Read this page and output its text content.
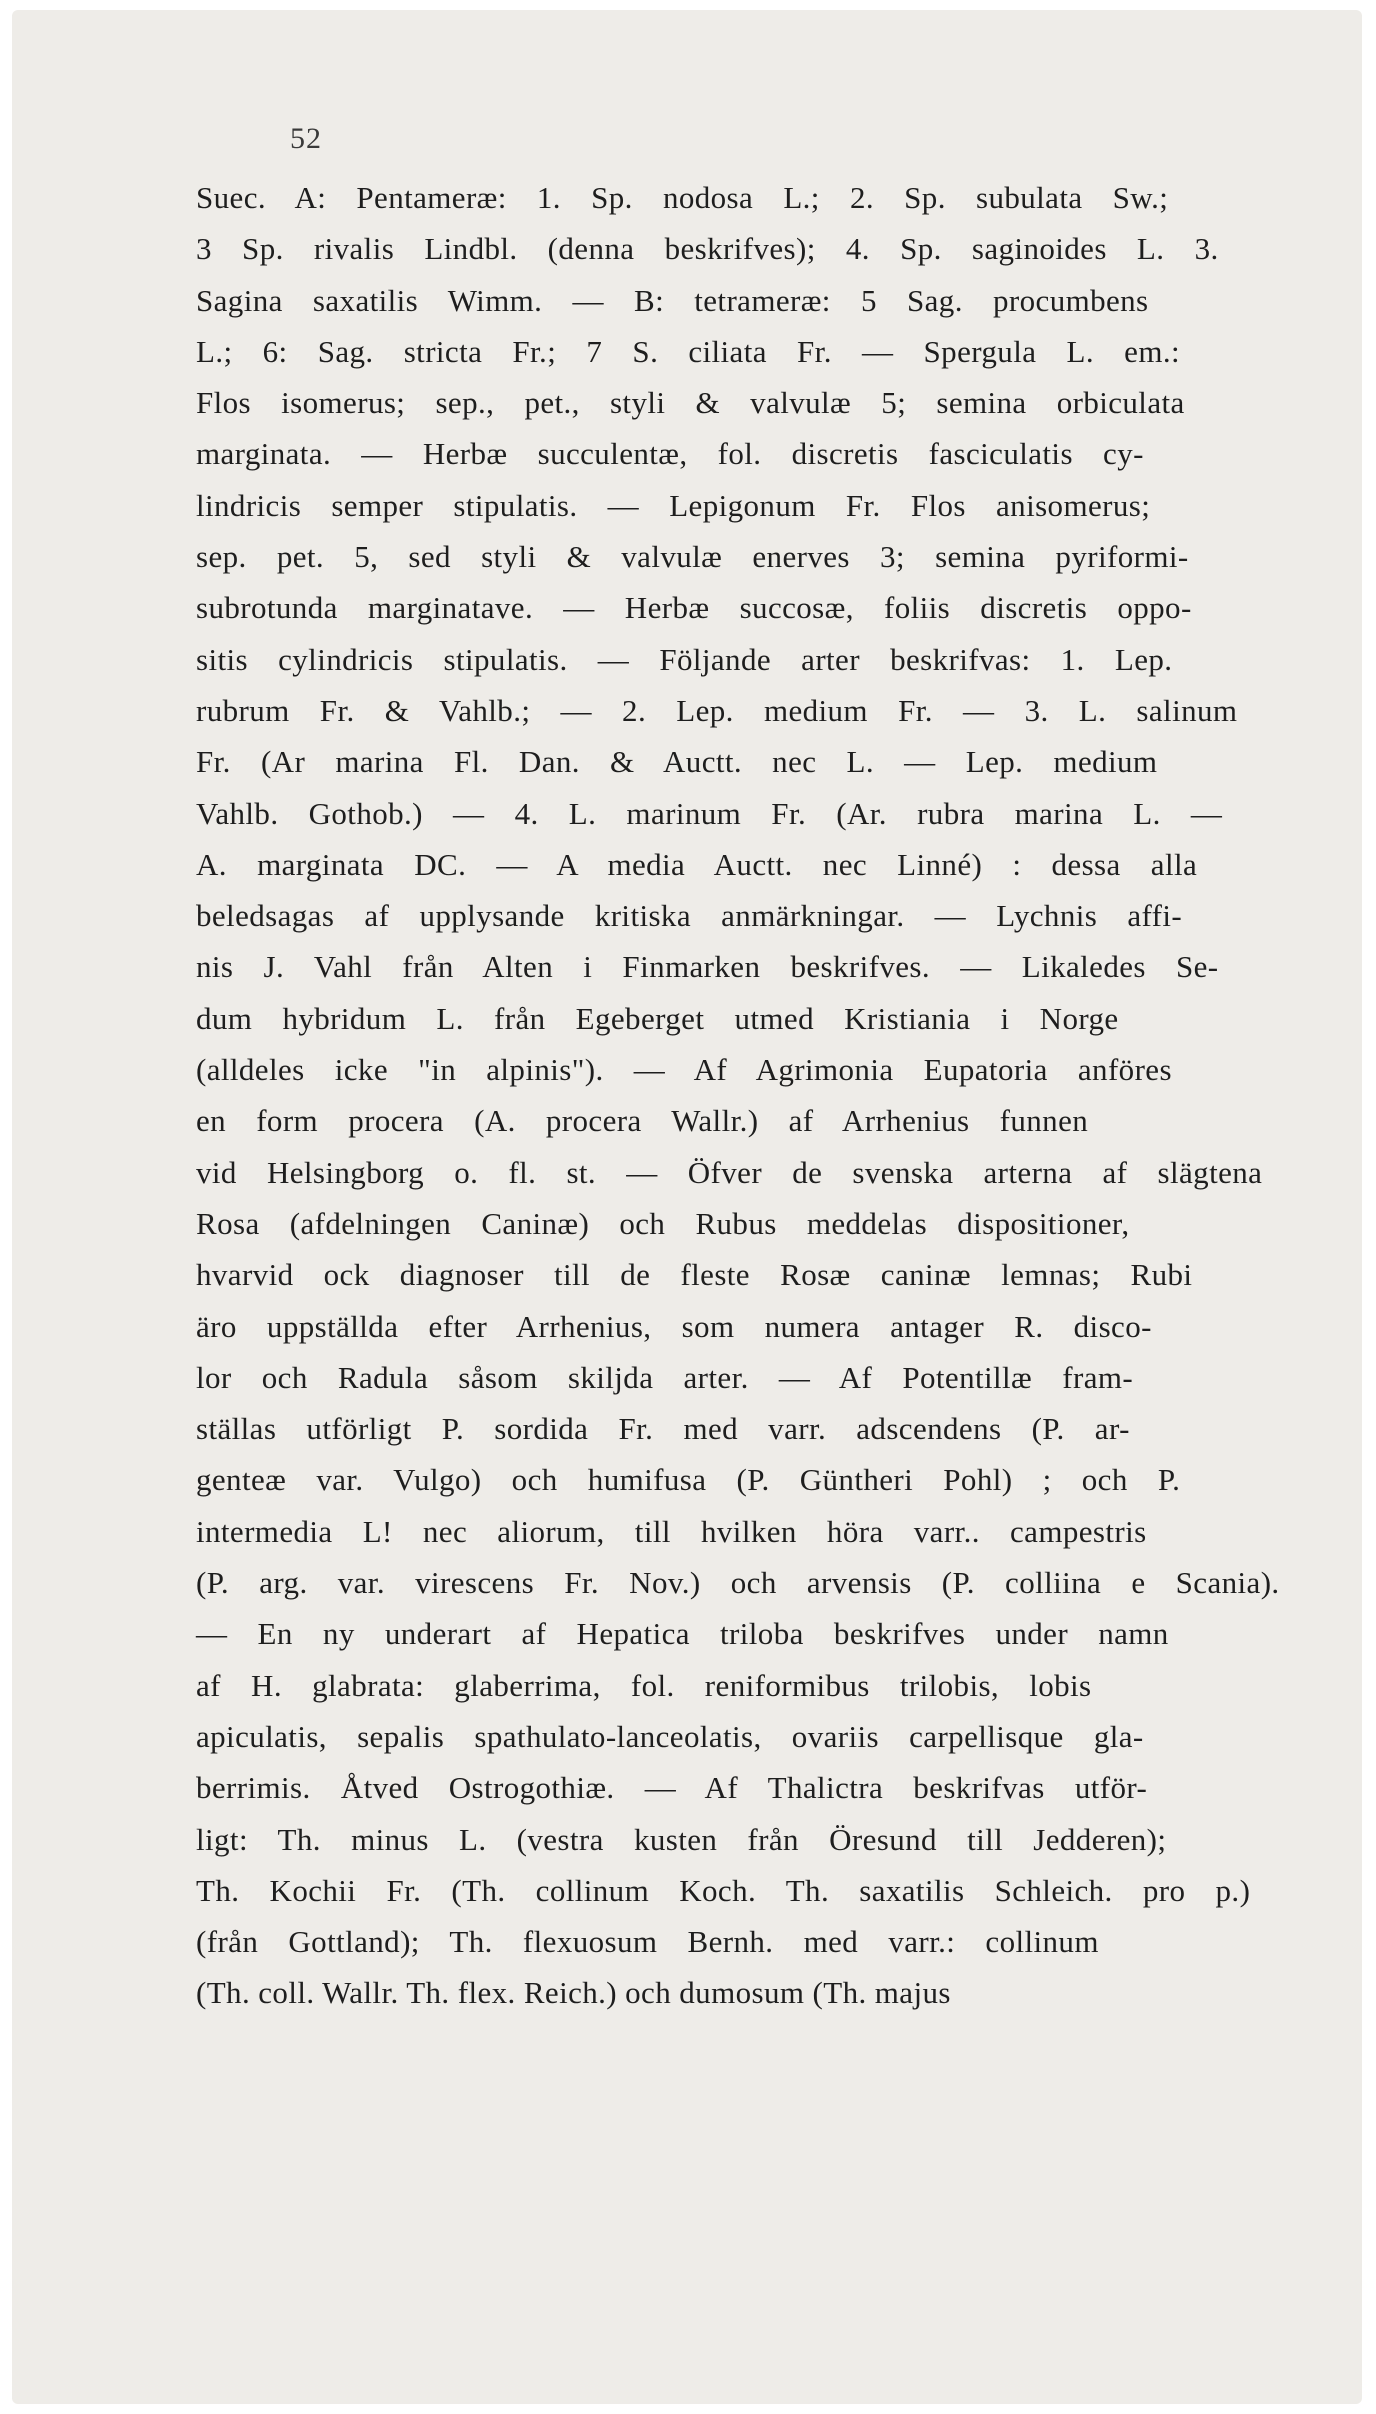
52
Suec. A: Pentameræ: 1. Sp. nodosa L.; 2. Sp. subulata Sw.;
3 Sp. rivalis Lindbl. (denna beskrifves); 4. Sp. saginoides L. 3.
Sagina saxatilis Wimm. — B: tetrameræ: 5 Sag. procumbens
L.; 6: Sag. stricta Fr.; 7 S. ciliata Fr. — Spergula L. em.:
Flos isomerus; sep., pet., styli & valvulæ 5; semina orbiculata
marginata. — Herbæ succulentæ, fol. discretis fasciculatis cy-
lindricis semper stipulatis. — Lepigonum Fr. Flos anisomerus;
sep. pet. 5, sed styli & valvulæ enerves 3; semina pyriformi-
subrotunda marginatave. — Herbæ succosæ, foliis discretis oppo-
sitis cylindricis stipulatis. — Följande arter beskrifvas: 1. Lep.
rubrum Fr. & Vahlb.; — 2. Lep. medium Fr. — 3. L. salinum
Fr. (Ar marina Fl. Dan. & Auctt. nec L. — Lep. medium
Vahlb. Gothob.) — 4. L. marinum Fr. (Ar. rubra marina L. —
A. marginata DC. — A media Auctt. nec Linné) : dessa alla
beledsagas af upplysande kritiska anmärkningar. — Lychnis affi-
nis J. Vahl från Alten i Finmarken beskrifves. — Likaledes Se-
dum hybridum L. från Egeberget utmed Kristiania i Norge
(alldeles icke "in alpinis"). — Af Agrimonia Eupatoria anföres
en form procera (A. procera Wallr.) af Arrhenius funnen
vid Helsingborg o. fl. st. — Öfver de svenska arterna af slägtena
Rosa (afdelningen Caninæ) och Rubus meddelas dispositioner,
hvarvid ock diagnoser till de fleste Rosæ caninæ lemnas; Rubi
äro uppställda efter Arrhenius, som numera antager R. disco-
lor och Radula såsom skiljda arter. — Af Potentillæ fram-
ställas utförligt P. sordida Fr. med varr. adscendens (P. ar-
genteæ var. Vulgo) och humifusa (P. Güntheri Pohl) ; och P.
intermedia L! nec aliorum, till hvilken höra varr.. campestris
(P. arg. var. virescens Fr. Nov.) och arvensis (P. colliina e Scania).
— En ny underart af Hepatica triloba beskrifves under namn
af H. glabrata: glaberrima, fol. reniformibus trilobis, lobis
apiculatis, sepalis spathulato-lanceolatis, ovariis carpellisque gla-
berrimis. Åtved Ostrogothiæ. — Af Thalictra beskrifvas utför-
ligt: Th. minus L. (vestra kusten från Öresund till Jedderen);
Th. Kochii Fr. (Th. collinum Koch. Th. saxatilis Schleich. pro p.)
(från Gottland); Th. flexuosum Bernh. med varr.: collinum
(Th. coll. Wallr. Th. flex. Reich.) och dumosum (Th. majus
